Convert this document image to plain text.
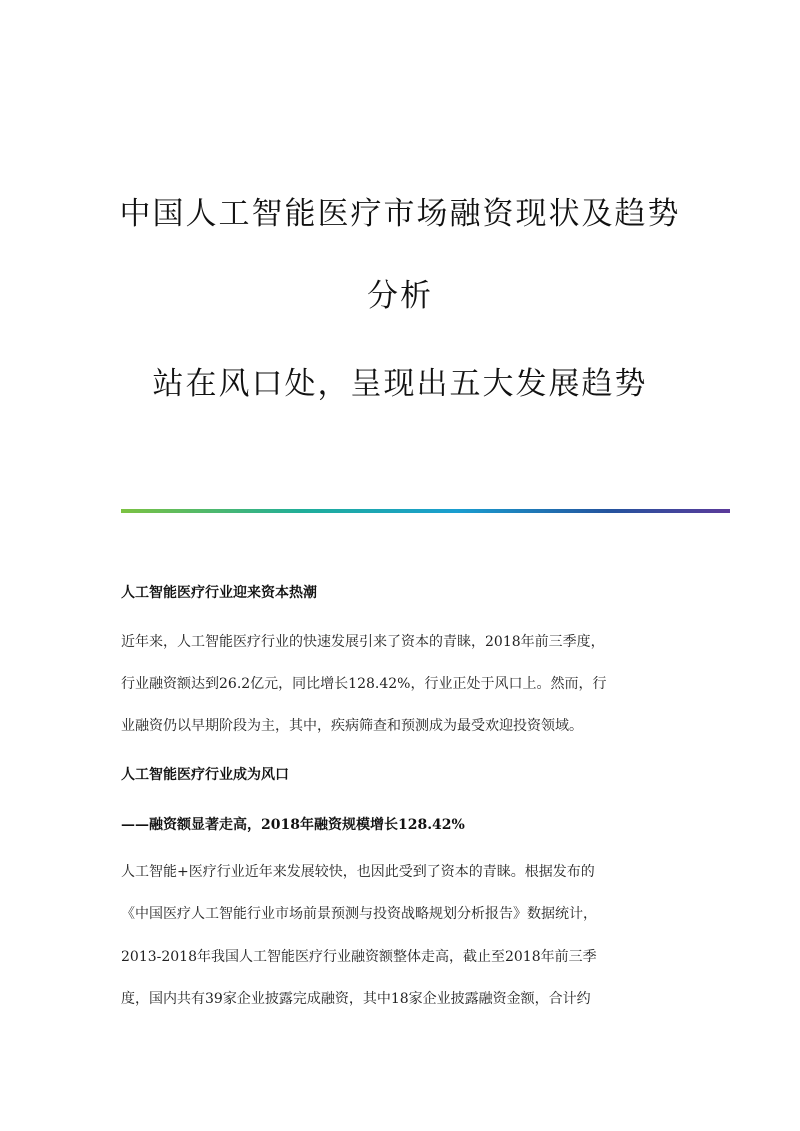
中国人工智能医疗市场融资现状及趋势
分析
站在风口处，呈现出五大发展趋势

人工智能医疗行业迎来资本热潮

近年来，人工智能医疗行业的快速发展引来了资本的青睐，2018年前三季度，

行业融资额达到26.2亿元，同比增长128.42%，行业正处于风口上。然而，行

业融资仍以早期阶段为主，其中，疾病筛查和预测成为最受欢迎投资领域。

人工智能医疗行业成为风口

——融资额显著走高，2018年融资规模增长128.42%

人工智能+医疗行业近年来发展较快，也因此受到了资本的青睐。根据发布的

《中国医疗人工智能行业市场前景预测与投资战略规划分析报告》数据统计，

2013-2018年我国人工智能医疗行业融资额整体走高，截止至2018年前三季

度，国内共有39家企业披露完成融资，其中18家企业披露融资金额，合计约
